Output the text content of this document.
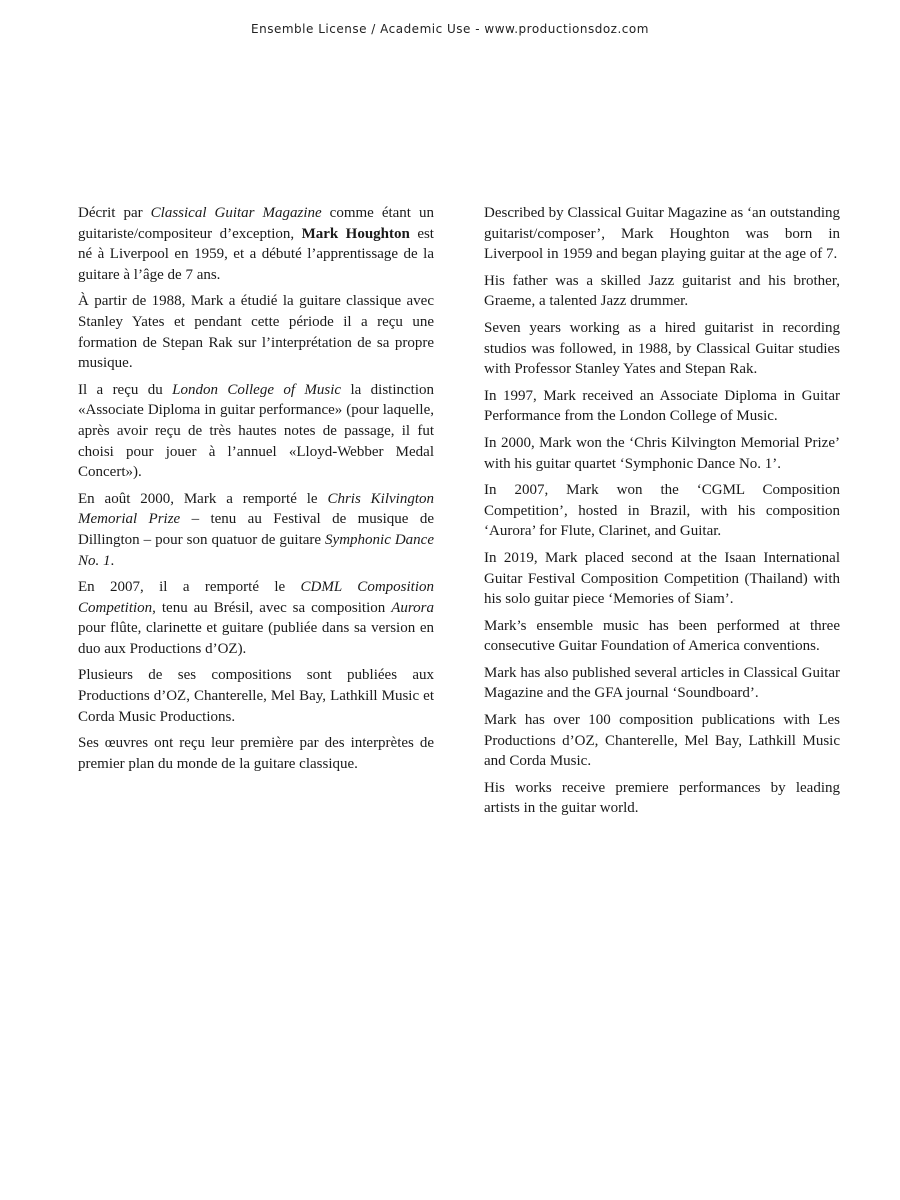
Ensemble License / Academic Use - www.productionsdoz.com

Décrit par Classical Guitar Magazine comme étant un guitariste/compositeur d’exception, Mark Houghton est né à Liverpool en 1959, et a débuté l’apprentissage de la guitare à l’âge de 7 ans.

À partir de 1988, Mark a étudié la guitare classique avec Stanley Yates et pendant cette période il a reçu une formation de Stepan Rak sur l’interprétation de sa propre musique.

Il a reçu du London College of Music la distinction «Associate Diploma in guitar performance» (pour laquelle, après avoir reçu de très hautes notes de passage, il fut choisi pour jouer à l’annuel «Lloyd-Webber Medal Concert»).

En août 2000, Mark a remporté le Chris Kilvington Memorial Prize – tenu au Festival de musique de Dillington – pour son quatuor de guitare Symphonic Dance No. 1.

En 2007, il a remporté le CDML Composition Competition, tenu au Brésil, avec sa composition Aurora pour flûte, clarinette et guitare (publiée dans sa version en duo aux Productions d’OZ).

Plusieurs de ses compositions sont publiées aux Productions d’OZ, Chanterelle, Mel Bay, Lathkill Music et Corda Music Productions.

Ses œuvres ont reçu leur première par des interprètes de premier plan du monde de la guitare classique.

Described by Classical Guitar Magazine as ‘an outstanding guitarist/composer’, Mark Houghton was born in Liverpool in 1959 and began playing guitar at the age of 7.

His father was a skilled Jazz guitarist and his brother, Graeme, a talented Jazz drummer.

Seven years working as a hired guitarist in recording studios was followed, in 1988, by Classical Guitar studies with Professor Stanley Yates and Stepan Rak.

In 1997, Mark received an Associate Diploma in Guitar Performance from the London College of Music.

In 2000, Mark won the ‘Chris Kilvington Memorial Prize’ with his guitar quartet ‘Symphonic Dance No. 1’.

In 2007, Mark won the ‘CGML Composition Competition’, hosted in Brazil, with his composition ‘Aurora’ for Flute, Clarinet, and Guitar.

In 2019, Mark placed second at the Isaan International Guitar Festival Composition Competition (Thailand) with his solo guitar piece ‘Memories of Siam’.

Mark’s ensemble music has been performed at three consecutive Guitar Foundation of America conventions.

Mark has also published several articles in Classical Guitar Magazine and the GFA journal ‘Soundboard’.

Mark has over 100 composition publications with Les Productions d’OZ, Chanterelle, Mel Bay, Lathkill Music and Corda Music.

His works receive premiere performances by leading artists in the guitar world.
